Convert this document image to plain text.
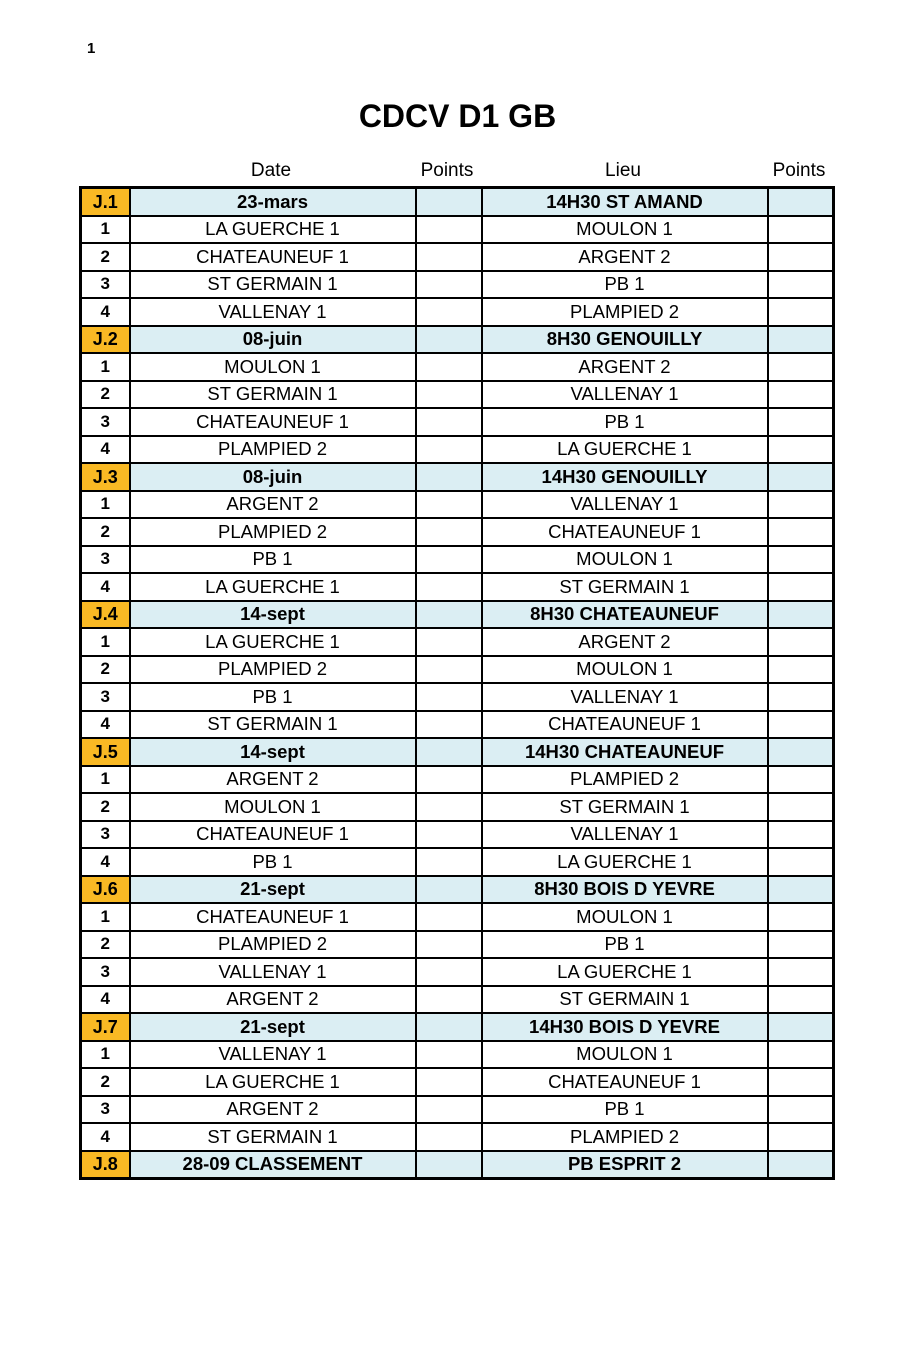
1
CDCV D1 GB
Date	Points	Lieu	Points
J.1	23-mars		14H30 ST AMAND	
1	LA GUERCHE 1		MOULON 1	
2	CHATEAUNEUF 1		ARGENT 2	
3	ST GERMAIN 1		PB 1	
4	VALLENAY 1		PLAMPIED 2	
J.2	08-juin		8H30 GENOUILLY	
1	MOULON 1		ARGENT 2	
2	ST GERMAIN 1		VALLENAY 1	
3	CHATEAUNEUF 1		PB 1	
4	PLAMPIED 2		LA GUERCHE 1	
J.3	08-juin		14H30 GENOUILLY	
1	ARGENT 2		VALLENAY 1	
2	PLAMPIED 2		CHATEAUNEUF 1	
3	PB 1		MOULON 1	
4	LA GUERCHE 1		ST GERMAIN 1	
J.4	14-sept		8H30 CHATEAUNEUF	
1	LA GUERCHE 1		ARGENT 2	
2	PLAMPIED 2		MOULON 1	
3	PB 1		VALLENAY 1	
4	ST GERMAIN 1		CHATEAUNEUF 1	
J.5	14-sept		14H30 CHATEAUNEUF	
1	ARGENT 2		PLAMPIED 2	
2	MOULON 1		ST GERMAIN 1	
3	CHATEAUNEUF 1		VALLENAY 1	
4	PB 1		LA GUERCHE 1	
J.6	21-sept		8H30 BOIS D YEVRE	
1	CHATEAUNEUF 1		MOULON 1	
2	PLAMPIED 2		PB 1	
3	VALLENAY 1		LA GUERCHE 1	
4	ARGENT 2		ST GERMAIN 1	
J.7	21-sept		14H30 BOIS D YEVRE	
1	VALLENAY 1		MOULON 1	
2	LA GUERCHE 1		CHATEAUNEUF 1	
3	ARGENT 2		PB 1	
4	ST GERMAIN 1		PLAMPIED 2	
J.8	28-09 CLASSEMENT		PB ESPRIT 2	
